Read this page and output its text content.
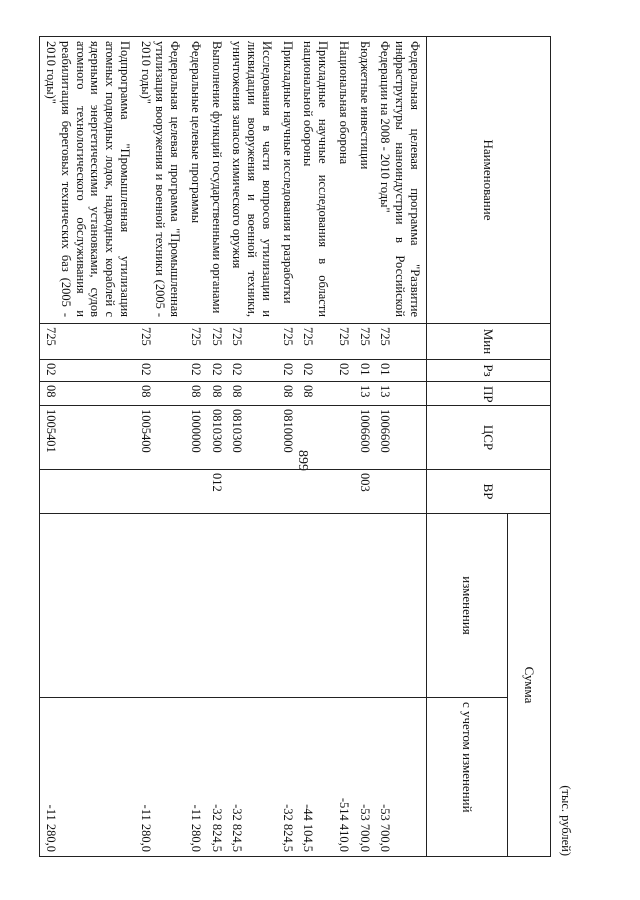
899
(тыс. рублей)
Наименование	Мин	Рз	ПР	ЦСР	ВР	Сумма	
						изменения	с учетом изменений
Федеральная целевая программа "Развитие инфраструктуры наноиндустрии в Российской Федерации на 2008 - 2010 годы"	725	01	13	1006600			-53 700,0
Бюджетные инвестиции	725	01	13	1006600	003		-53 700,0
Национальная оборона	725	02					-514 410,0
Прикладные научные исследования в области национальной обороны	725	02	08				-44 104,5
Прикладные научные исследования и разработки	725	02	08	0810000			-32 824,5
Исследования в части вопросов утилизации и ликвидации вооружения и военной техники, уничтожения запасов химического оружия	725	02	08	0810300			-32 824,5
Выполнение функций государственными органами	725	02	08	0810300	012		-32 824,5
Федеральные целевые программы	725	02	08	1000000			-11 280,0
Федеральная целевая программа "Промышленная утилизация вооружения и военной техники (2005 - 2010 годы)"	725	02	08	1005400			-11 280,0
Подпрограмма "Промышленная утилизация атомных подводных лодок, надводных кораблей с ядерными энергетическими установками, судов атомного технологического обслуживания и реабилитация береговых технических баз (2005 - 2010 годы)"	725	02	08	1005401			-11 280,0
